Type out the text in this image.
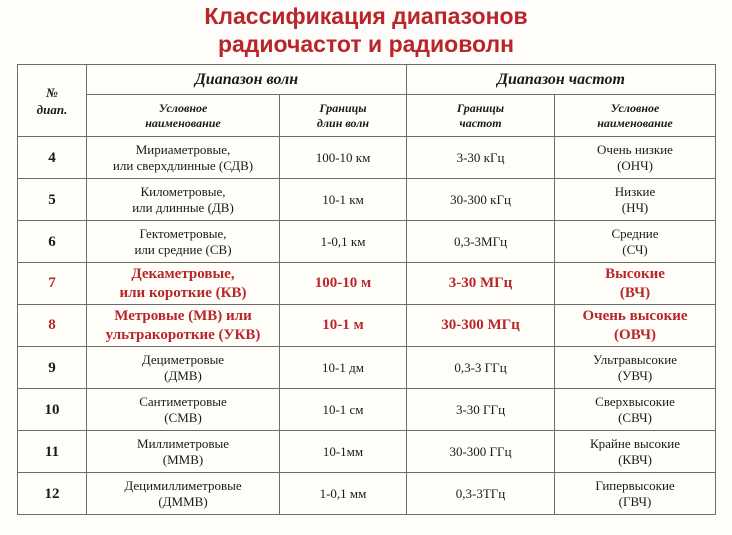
Классификация диапазонов
радиочастот и радиоволн
№
диап.	Диапазон волн		Диапазон частот	

	Условное
наименование	Границы
длин волн	Границы
частот	Условное
наименование

4	Мириаметровые,
или сверхдлинные (СДВ)	100-10 км	3-30 кГц	Очень низкие
(ОНЧ)

5	Километровые,
или длинные (ДВ)	10-1 км	30-300 кГц	Низкие
(НЧ)

6	Гектометровые,
или средние (СВ)	1-0,1 км	0,3-3МГц	Средние
(СЧ)

7	Декаметровые,
или короткие (КВ)	100-10 м	3-30 МГц	Высокие
(ВЧ)

8	Метровые (МВ) или
ультракороткие (УКВ)	10-1 м	30-300 МГц	Очень высокие
(ОВЧ)

9	Дециметровые
(ДМВ)	10-1 дм	0,3-3 ГГц	Ультравысокие
(УВЧ)

10	Сантиметровые
(СМВ)	10-1 см	3-30 ГГц	Сверхвысокие
(СВЧ)

11	Миллиметровые
(ММВ)	10-1мм	30-300 ГГц	Крайне высокие
(КВЧ)

12	Децимиллиметровые
(ДММВ)	1-0,1 мм	0,3-3ТГц	Гипервысокие
(ГВЧ)
